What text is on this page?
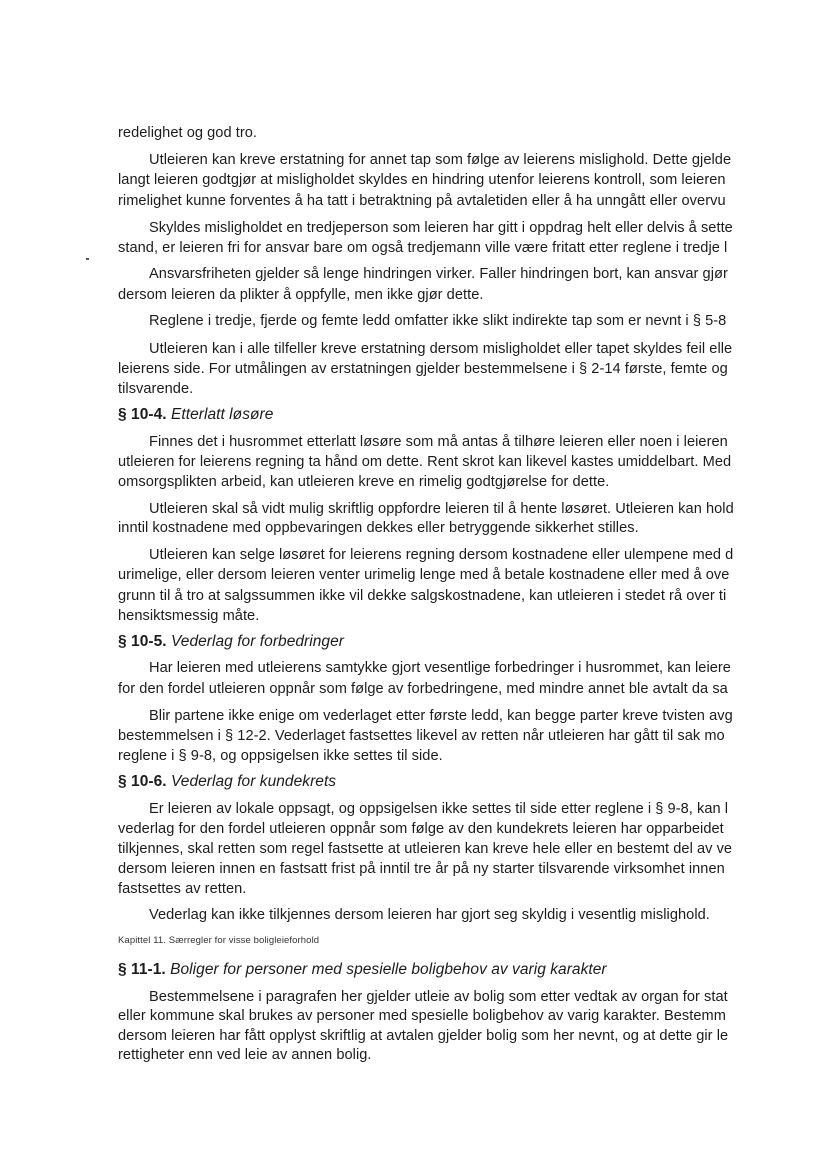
redelighet og god tro.

Utleieren kan kreve erstatning for annet tap som følge av leierens mislighold. Dette gjelde

langt leieren godtgjør at misligholdet skyldes en hindring utenfor leierens kontroll, som leieren

rimelighet kunne forventes å ha tatt i betraktning på avtaletiden eller å ha unngått eller overvu

Skyldes misligholdet en tredjeperson som leieren har gitt i oppdrag helt eller delvis å sette

stand, er leieren fri for ansvar bare om også tredjemann ville være fritatt etter reglene i tredje l

Ansvarsfriheten gjelder så lenge hindringen virker. Faller hindringen bort, kan ansvar gjør

dersom leieren da plikter å oppfylle, men ikke gjør dette.

Reglene i tredje, fjerde og femte ledd omfatter ikke slikt indirekte tap som er nevnt i § 5-8

Utleieren kan i alle tilfeller kreve erstatning dersom misligholdet eller tapet skyldes feil elle

leierens side. For utmålingen av erstatningen gjelder bestemmelsene i § 2-14 første, femte og

tilsvarende.

§ 10-4. Etterlatt løsøre

Finnes det i husrommet etterlatt løsøre som må antas å tilhøre leieren eller noen i leieren

utleieren for leierens regning ta hånd om dette. Rent skrot kan likevel kastes umiddelbart. Med

omsorgsplikten arbeid, kan utleieren kreve en rimelig godtgjørelse for dette.

Utleieren skal så vidt mulig skriftlig oppfordre leieren til å hente løsøret. Utleieren kan hold

inntil kostnadene med oppbevaringen dekkes eller betryggende sikkerhet stilles.

Utleieren kan selge løsøret for leierens regning dersom kostnadene eller ulempene med d

urimelige, eller dersom leieren venter urimelig lenge med å betale kostnadene eller med å ove

grunn til å tro at salgssummen ikke vil dekke salgskostnadene, kan utleieren i stedet rå over ti

hensiktsmessig måte.

§ 10-5. Vederlag for forbedringer

Har leieren med utleierens samtykke gjort vesentlige forbedringer i husrommet, kan leiere

for den fordel utleieren oppnår som følge av forbedringene, med mindre annet ble avtalt da sa

Blir partene ikke enige om vederlaget etter første ledd, kan begge parter kreve tvisten avg

bestemmelsen i § 12-2. Vederlaget fastsettes likevel av retten når utleieren har gått til sak mo

reglene i § 9-8, og oppsigelsen ikke settes til side.

§ 10-6. Vederlag for kundekrets

Er leieren av lokale oppsagt, og oppsigelsen ikke settes til side etter reglene i § 9-8, kan l

vederlag for den fordel utleieren oppnår som følge av den kundekrets leieren har opparbeidet

tilkjennes, skal retten som regel fastsette at utleieren kan kreve hele eller en bestemt del av ve

dersom leieren innen en fastsatt frist på inntil tre år på ny starter tilsvarende virksomhet innen

fastsettes av retten.

Vederlag kan ikke tilkjennes dersom leieren har gjort seg skyldig i vesentlig mislighold.

Kapittel 11. Særregler for visse boligleieforhold

§ 11-1. Boliger for personer med spesielle boligbehov av varig karakter

Bestemmelsene i paragrafen her gjelder utleie av bolig som etter vedtak av organ for stat

eller kommune skal brukes av personer med spesielle boligbehov av varig karakter. Bestemm

dersom leieren har fått opplyst skriftlig at avtalen gjelder bolig som her nevnt, og at dette gir le

rettigheter enn ved leie av annen bolig.
